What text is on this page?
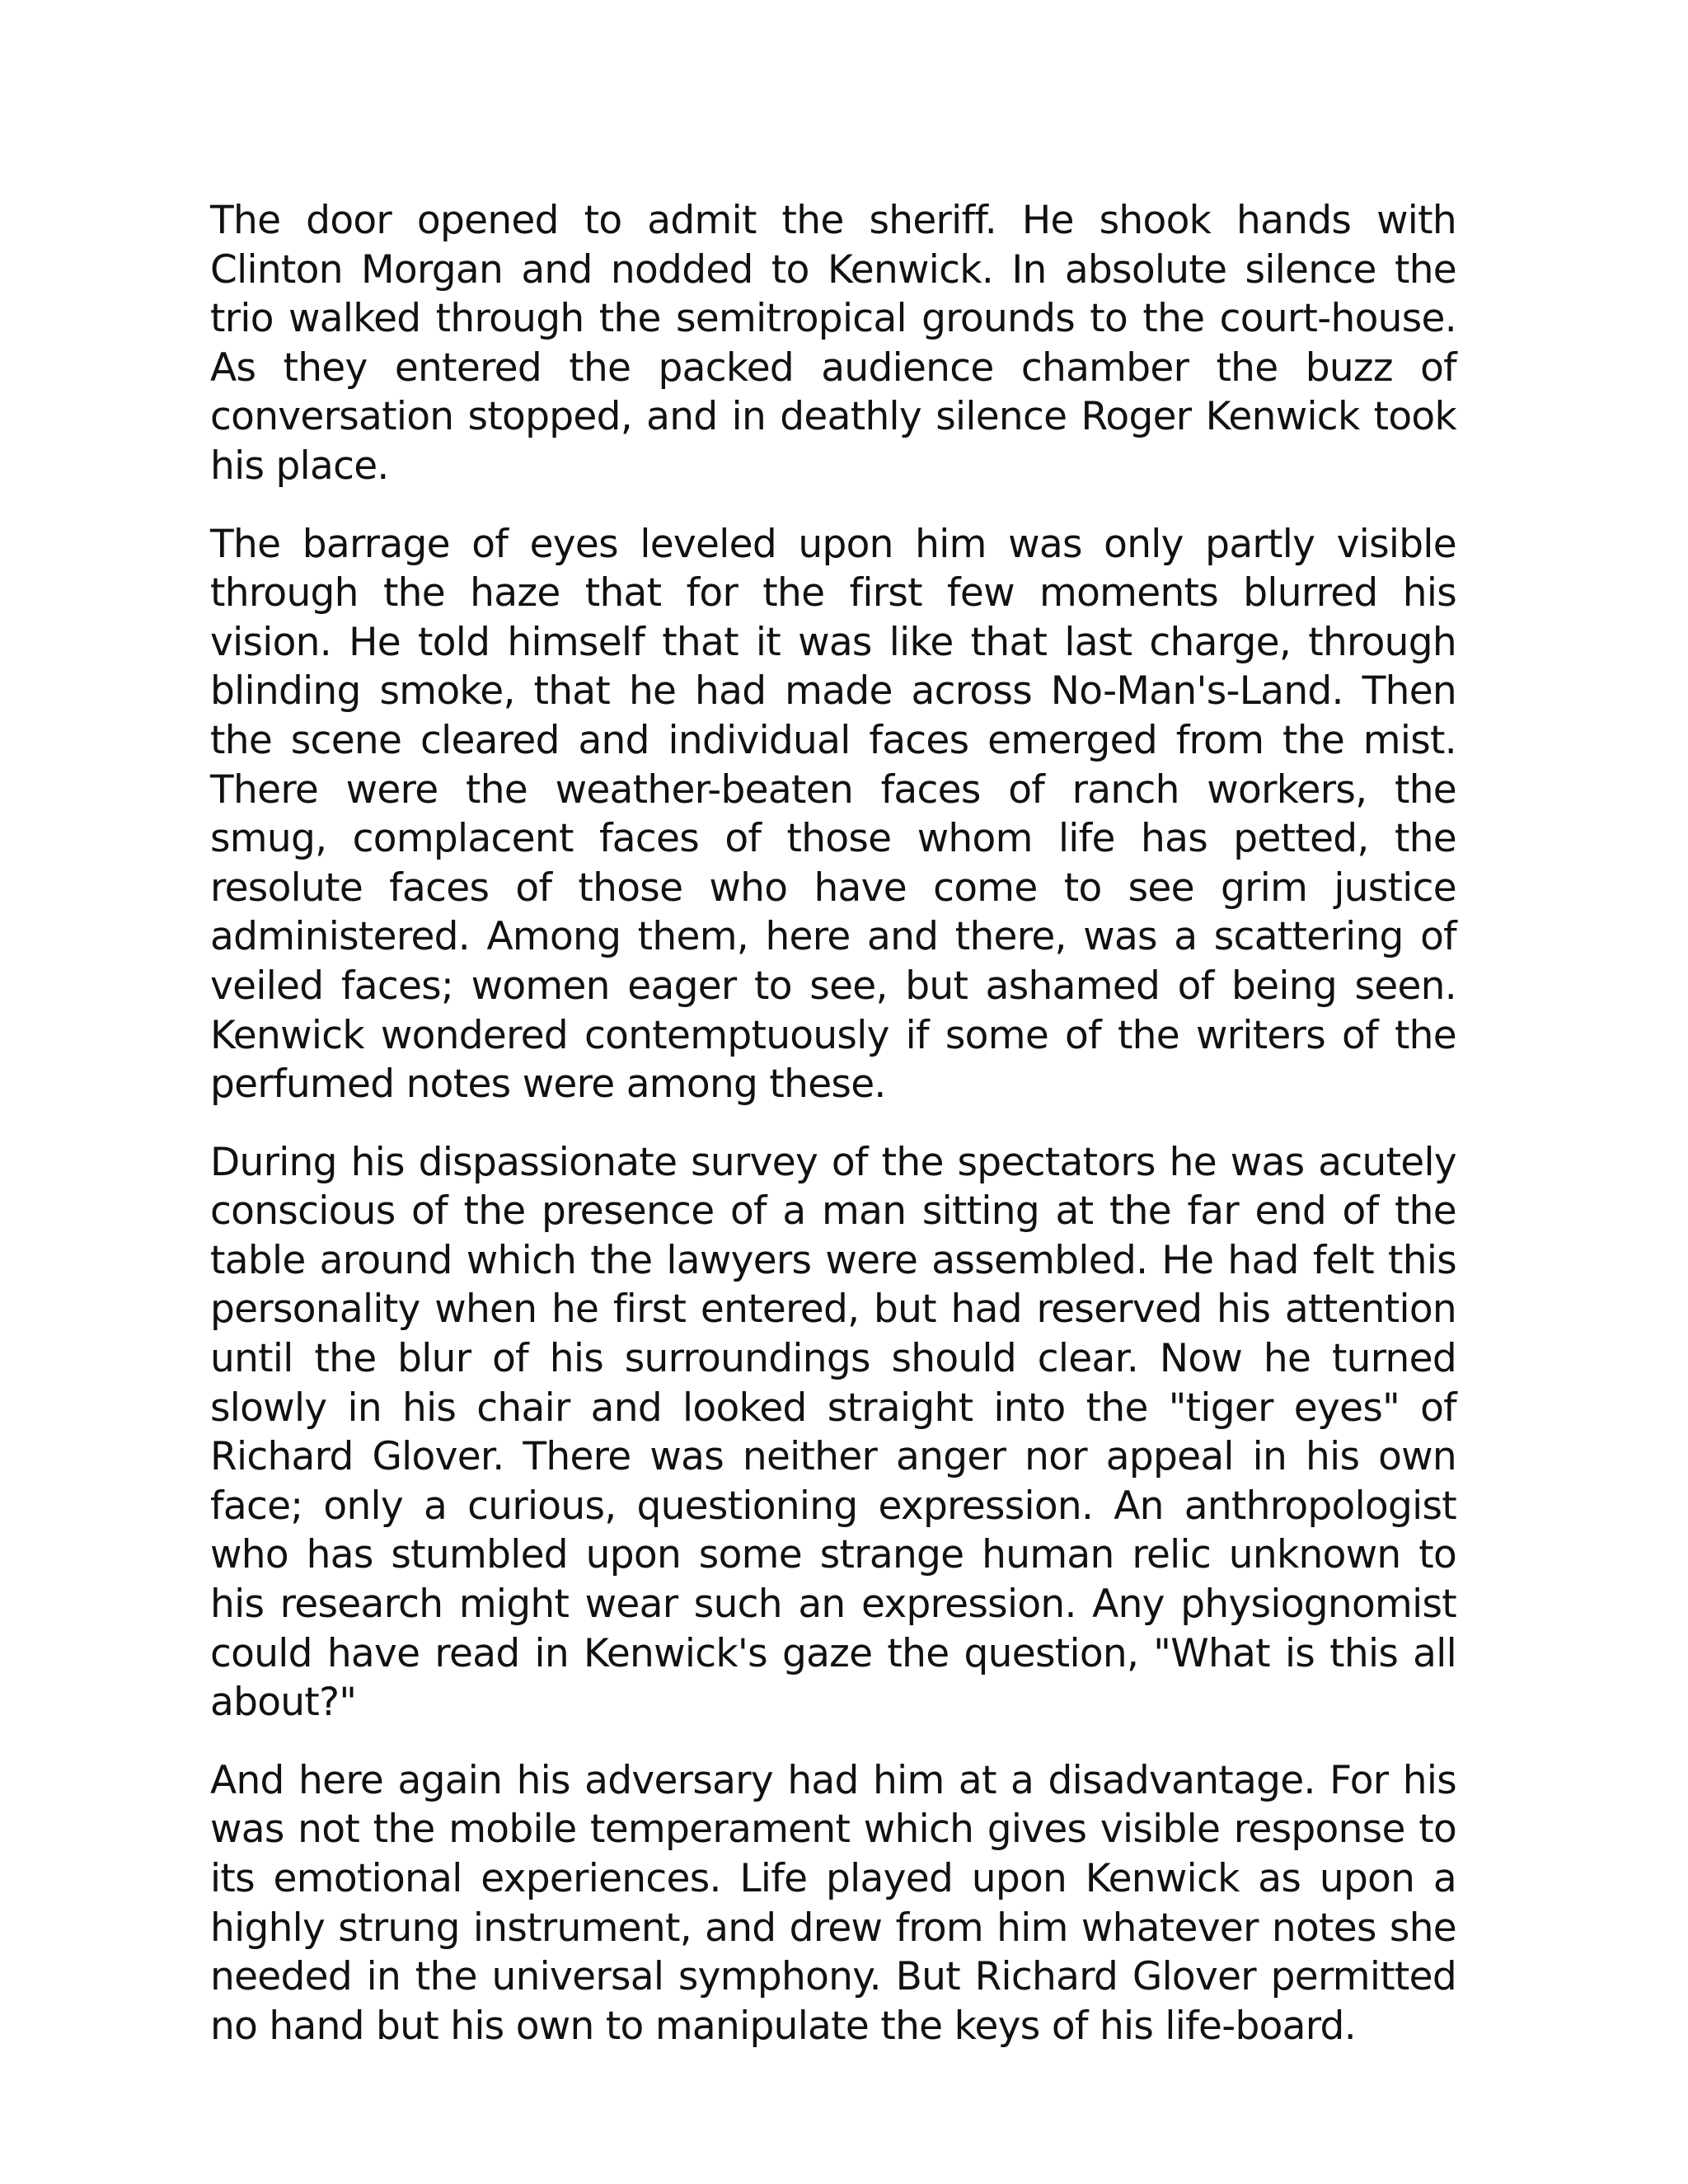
The door opened to admit the sheriff. He shook hands with Clinton Morgan and nodded to Kenwick. In absolute silence the trio walked through the semitropical grounds to the court-house. As they entered the packed audience chamber the buzz of conversation stopped, and in deathly silence Roger Kenwick took his place.

The barrage of eyes leveled upon him was only partly visible through the haze that for the first few moments blurred his vision. He told himself that it was like that last charge, through blinding smoke, that he had made across No-Man's-Land. Then the scene cleared and individual faces emerged from the mist. There were the weather-beaten faces of ranch workers, the smug, complacent faces of those whom life has petted, the resolute faces of those who have come to see grim justice administered. Among them, here and there, was a scattering of veiled faces; women eager to see, but ashamed of being seen. Kenwick wondered contemptuously if some of the writers of the perfumed notes were among these.

During his dispassionate survey of the spectators he was acutely conscious of the presence of a man sitting at the far end of the table around which the lawyers were assembled. He had felt this personality when he first entered, but had reserved his attention until the blur of his surroundings should clear. Now he turned slowly in his chair and looked straight into the "tiger eyes" of Richard Glover. There was neither anger nor appeal in his own face; only a curious, questioning expression. An anthropologist who has stumbled upon some strange human relic unknown to his research might wear such an expression. Any physiognomist could have read in Kenwick's gaze the question, "What is this all about?"

And here again his adversary had him at a disadvantage. For his was not the mobile temperament which gives visible response to its emotional experiences. Life played upon Kenwick as upon a highly strung instrument, and drew from him whatever notes she needed in the universal symphony. But Richard Glover permitted no hand but his own to manipulate the keys of his life-board.
